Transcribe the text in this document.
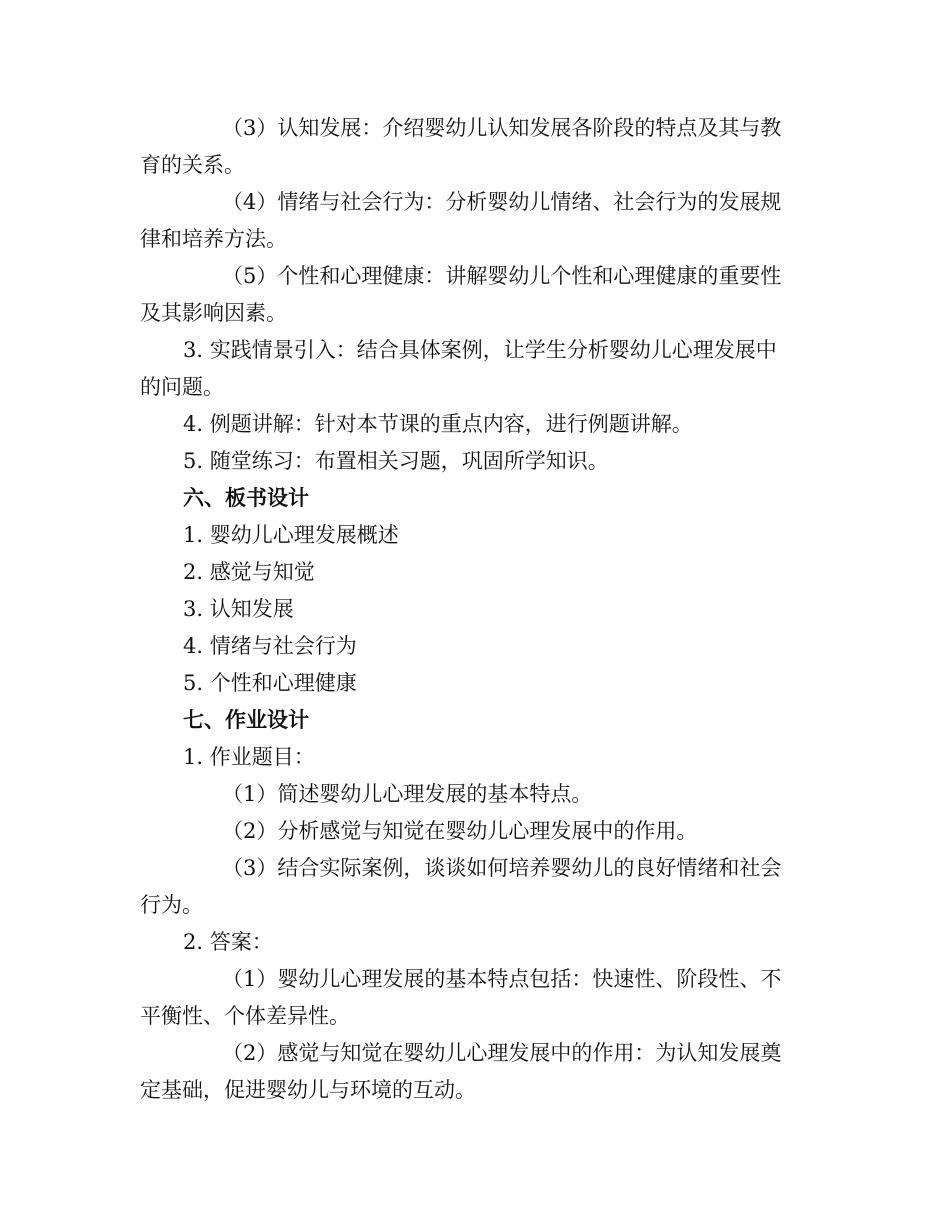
（3）认知发展：介绍婴幼儿认知发展各阶段的特点及其与教
育的关系。
（4）情绪与社会行为：分析婴幼儿情绪、社会行为的发展规
律和培养方法。
（5）个性和心理健康：讲解婴幼儿个性和心理健康的重要性
及其影响因素。
3. 实践情景引入：结合具体案例，让学生分析婴幼儿心理发展中
的问题。
4. 例题讲解：针对本节课的重点内容，进行例题讲解。
5. 随堂练习：布置相关习题，巩固所学知识。
六、板书设计
1. 婴幼儿心理发展概述
2. 感觉与知觉
3. 认知发展
4. 情绪与社会行为
5. 个性和心理健康
七、作业设计
1. 作业题目：
（1）简述婴幼儿心理发展的基本特点。
（2）分析感觉与知觉在婴幼儿心理发展中的作用。
（3）结合实际案例，谈谈如何培养婴幼儿的良好情绪和社会
行为。
2. 答案：
（1）婴幼儿心理发展的基本特点包括：快速性、阶段性、不
平衡性、个体差异性。
（2）感觉与知觉在婴幼儿心理发展中的作用：为认知发展奠
定基础，促进婴幼儿与环境的互动。
